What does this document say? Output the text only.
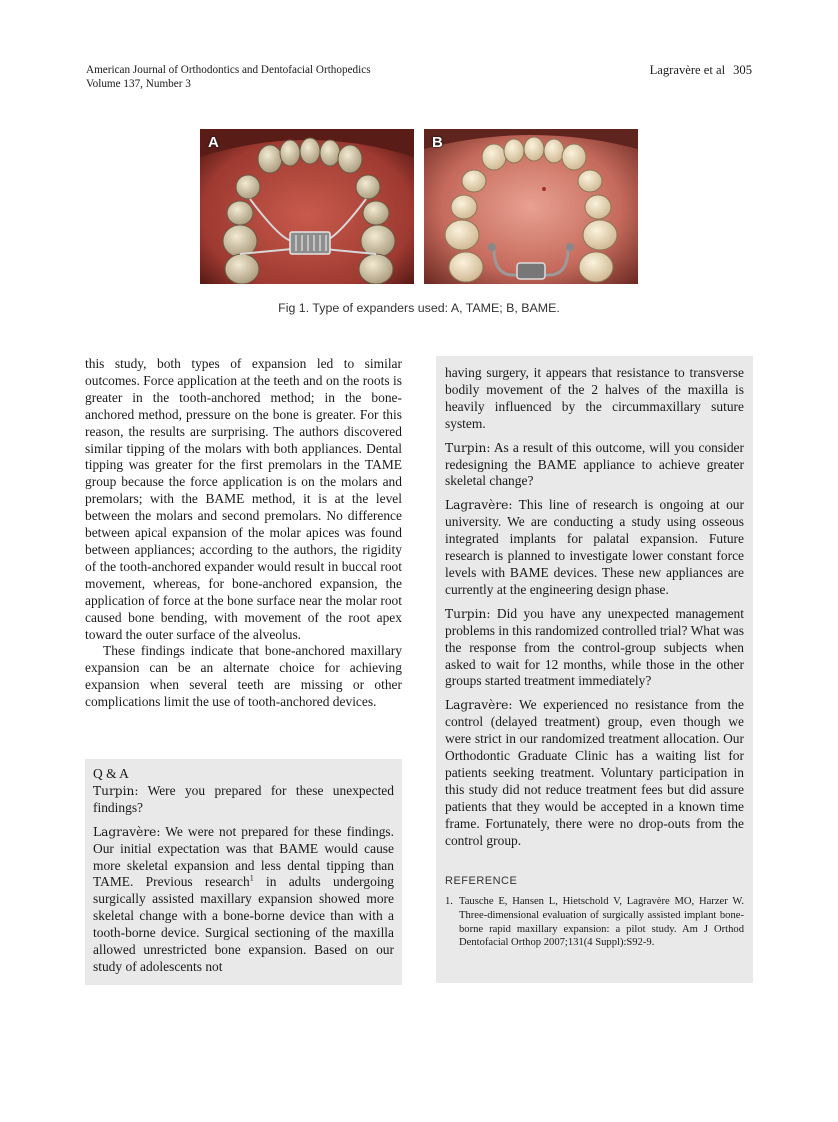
American Journal of Orthodontics and Dentofacial Orthopedics
Volume 137, Number 3
Lagravère et al 305
A	B
Fig 1. Type of expanders used: A, TAME; B, BAME.

this study, both types of expansion led to similar outcomes. Force application at the teeth and on the roots is greater in the tooth-anchored method; in the bone-anchored method, pressure on the bone is greater. For this reason, the results are surprising. The authors discovered similar tipping of the molars with both appliances. Dental tipping was greater for the first premolars in the TAME group because the force application is on the molars and premolars; with the BAME method, it is at the level between the molars and second premolars. No difference between apical expansion of the molar apices was found between appliances; according to the authors, the rigidity of the tooth-anchored expander would result in buccal root movement, whereas, for bone-anchored expansion, the application of force at the bone surface near the molar root caused bone bending, with movement of the root apex toward the outer surface of the alveolus.

These findings indicate that bone-anchored maxillary expansion can be an alternate choice for achieving expansion when several teeth are missing or other complications limit the use of tooth-anchored devices.

Q & A

Turpin: Were you prepared for these unexpected findings?

Lagravère: We were not prepared for these findings. Our initial expectation was that BAME would cause more skeletal expansion and less dental tipping than TAME. Previous research$^1$ in adults undergoing surgically assisted maxillary expansion showed more skeletal change with a bone-borne device than with a tooth-borne device. Surgical sectioning of the maxilla allowed unrestricted bone expansion. Based on our study of adolescents not

having surgery, it appears that resistance to transverse bodily movement of the 2 halves of the maxilla is heavily influenced by the circummaxillary suture system.

Turpin: As a result of this outcome, will you consider redesigning the BAME appliance to achieve greater skeletal change?

Lagravère: This line of research is ongoing at our university. We are conducting a study using osseous integrated implants for palatal expansion. Future research is planned to investigate lower constant force levels with BAME devices. These new appliances are currently at the engineering design phase.

Turpin: Did you have any unexpected management problems in this randomized controlled trial? What was the response from the control-group subjects when asked to wait for 12 months, while those in the other groups started treatment immediately?

Lagravère: We experienced no resistance from the control (delayed treatment) group, even though we were strict in our randomized treatment allocation. Our Orthodontic Graduate Clinic has a waiting list for patients seeking treatment. Voluntary participation in this study did not reduce treatment fees but did assure patients that they would be accepted in a known time frame. Fortunately, there were no drop-outs from the control group.

REFERENCE
1. Tausche E, Hansen L, Hietschold V, Lagravère MO, Harzer W. Three-dimensional evaluation of surgically assisted implant bone-borne rapid maxillary expansion: a pilot study. Am J Orthod Dentofacial Orthop 2007;131(4 Suppl):S92-9.
